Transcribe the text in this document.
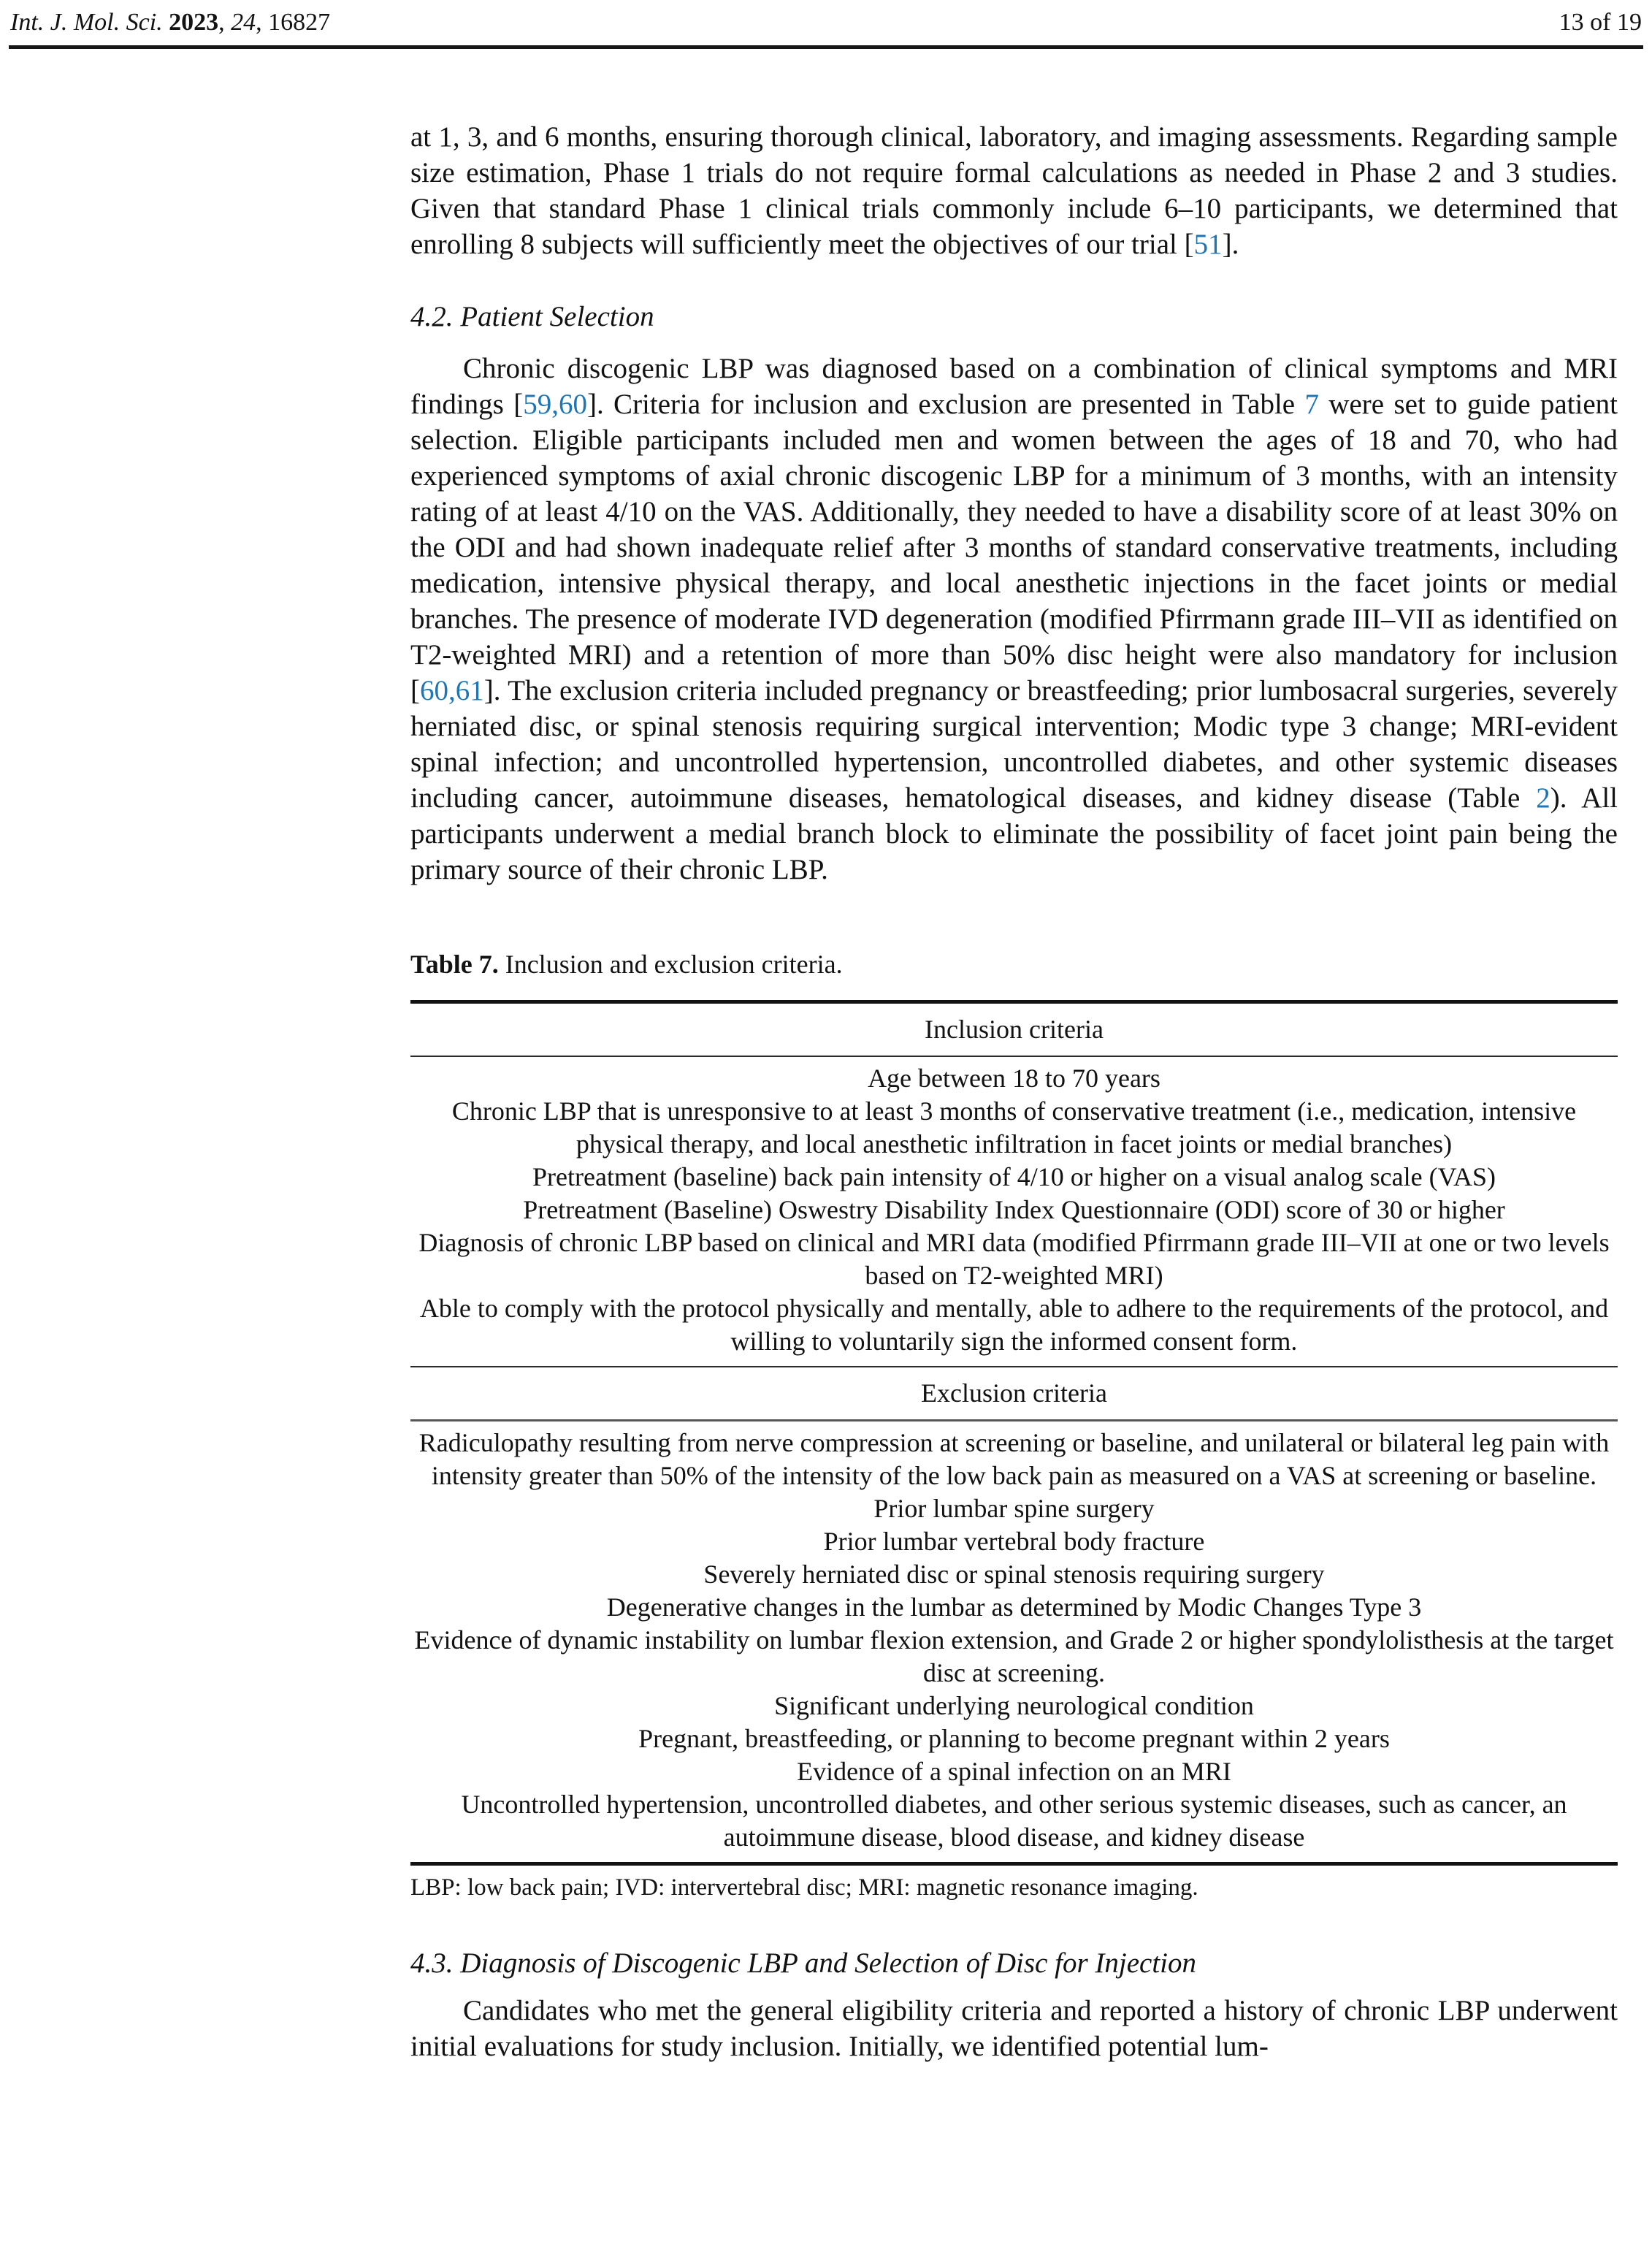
Int. J. Mol. Sci. 2023, 24, 16827	13 of 19

at 1, 3, and 6 months, ensuring thorough clinical, laboratory, and imaging assessments. Regarding sample size estimation, Phase 1 trials do not require formal calculations as needed in Phase 2 and 3 studies. Given that standard Phase 1 clinical trials commonly include 6–10 participants, we determined that enrolling 8 subjects will sufficiently meet the objectives of our trial [51].

4.2. Patient Selection

Chronic discogenic LBP was diagnosed based on a combination of clinical symptoms and MRI findings [59,60]. Criteria for inclusion and exclusion are presented in Table 7 were set to guide patient selection. Eligible participants included men and women between the ages of 18 and 70, who had experienced symptoms of axial chronic discogenic LBP for a minimum of 3 months, with an intensity rating of at least 4/10 on the VAS. Additionally, they needed to have a disability score of at least 30% on the ODI and had shown inadequate relief after 3 months of standard conservative treatments, including medication, intensive physical therapy, and local anesthetic injections in the facet joints or medial branches. The presence of moderate IVD degeneration (modified Pfirrmann grade III–VII as identified on T2-weighted MRI) and a retention of more than 50% disc height were also mandatory for inclusion [60,61]. The exclusion criteria included pregnancy or breastfeeding; prior lumbosacral surgeries, severely herniated disc, or spinal stenosis requiring surgical intervention; Modic type 3 change; MRI-evident spinal infection; and uncontrolled hypertension, uncontrolled diabetes, and other systemic diseases including cancer, autoimmune diseases, hematological diseases, and kidney disease (Table 2). All participants underwent a medial branch block to eliminate the possibility of facet joint pain being the primary source of their chronic LBP.

Table 7. Inclusion and exclusion criteria.
Inclusion criteria
Age between 18 to 70 years
Chronic LBP that is unresponsive to at least 3 months of conservative treatment (i.e., medication, intensive physical therapy, and local anesthetic infiltration in facet joints or medial branches)
Pretreatment (baseline) back pain intensity of 4/10 or higher on a visual analog scale (VAS)
Pretreatment (Baseline) Oswestry Disability Index Questionnaire (ODI) score of 30 or higher
Diagnosis of chronic LBP based on clinical and MRI data (modified Pfirrmann grade III–VII at one or two levels based on T2-weighted MRI)
Able to comply with the protocol physically and mentally, able to adhere to the requirements of the protocol, and willing to voluntarily sign the informed consent form.
Exclusion criteria
Radiculopathy resulting from nerve compression at screening or baseline, and unilateral or bilateral leg pain with intensity greater than 50% of the intensity of the low back pain as measured on a VAS at screening or baseline.
Prior lumbar spine surgery
Prior lumbar vertebral body fracture
Severely herniated disc or spinal stenosis requiring surgery
Degenerative changes in the lumbar as determined by Modic Changes Type 3
Evidence of dynamic instability on lumbar flexion extension, and Grade 2 or higher spondylolisthesis at the target disc at screening.
Significant underlying neurological condition
Pregnant, breastfeeding, or planning to become pregnant within 2 years
Evidence of a spinal infection on an MRI
Uncontrolled hypertension, uncontrolled diabetes, and other serious systemic diseases, such as cancer, an autoimmune disease, blood disease, and kidney disease
LBP: low back pain; IVD: intervertebral disc; MRI: magnetic resonance imaging.
4.3. Diagnosis of Discogenic LBP and Selection of Disc for Injection

Candidates who met the general eligibility criteria and reported a history of chronic LBP underwent initial evaluations for study inclusion. Initially, we identified potential lum-
